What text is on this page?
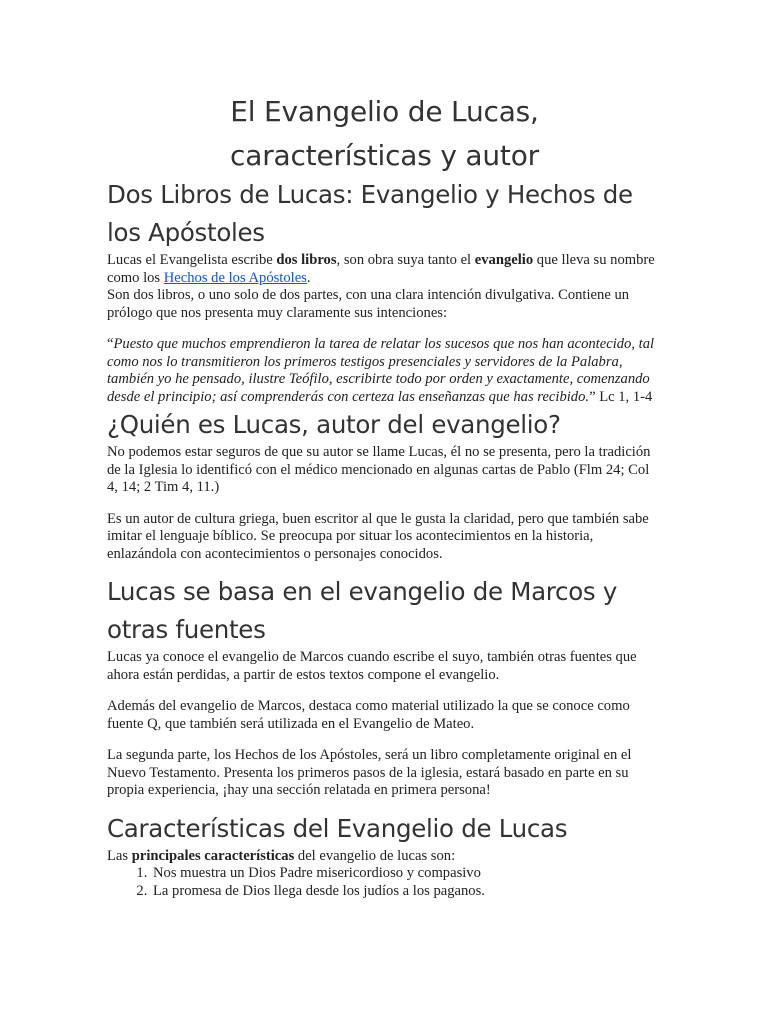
El Evangelio de Lucas,
características y autor
Dos Libros de Lucas: Evangelio y Hechos de los Apóstoles

Lucas el Evangelista escribe dos libros, son obra suya tanto el evangelio que lleva su nombre como los Hechos de los Apóstoles.

Son dos libros, o uno solo de dos partes, con una clara intención divulgativa. Contiene un prólogo que nos presenta muy claramente sus intenciones:

“Puesto que muchos emprendieron la tarea de relatar los sucesos que nos han acontecido, tal como nos lo transmitieron los primeros testigos presenciales y servidores de la Palabra, también yo he pensado, ilustre Teófilo, escribirte todo por orden y exactamente, comenzando desde el principio; así comprenderás con certeza las enseñanzas que has recibido.” Lc 1, 1-4

¿Quién es Lucas, autor del evangelio?

No podemos estar seguros de que su autor se llame Lucas, él no se presenta, pero la tradición de la Iglesia lo identificó con el médico mencionado en algunas cartas de Pablo (Flm 24; Col 4, 14; 2 Tim 4, 11.)

Es un autor de cultura griega, buen escritor al que le gusta la claridad, pero que también sabe imitar el lenguaje bíblico. Se preocupa por situar los acontecimientos en la historia, enlazándola con acontecimientos o personajes conocidos.

Lucas se basa en el evangelio de Marcos y otras fuentes

Lucas ya conoce el evangelio de Marcos cuando escribe el suyo, también otras fuentes que ahora están perdidas, a partir de estos textos compone el evangelio.

Además del evangelio de Marcos, destaca como material utilizado la que se conoce como fuente Q, que también será utilizada en el Evangelio de Mateo.

La segunda parte, los Hechos de los Apóstoles, será un libro completamente original en el Nuevo Testamento. Presenta los primeros pasos de la iglesia, estará basado en parte en su propia experiencia, ¡hay una sección relatada en primera persona!

Características del Evangelio de Lucas

Las principales características del evangelio de lucas son:

1. Nos muestra un Dios Padre misericordioso y compasivo
2. La promesa de Dios llega desde los judíos a los paganos.
